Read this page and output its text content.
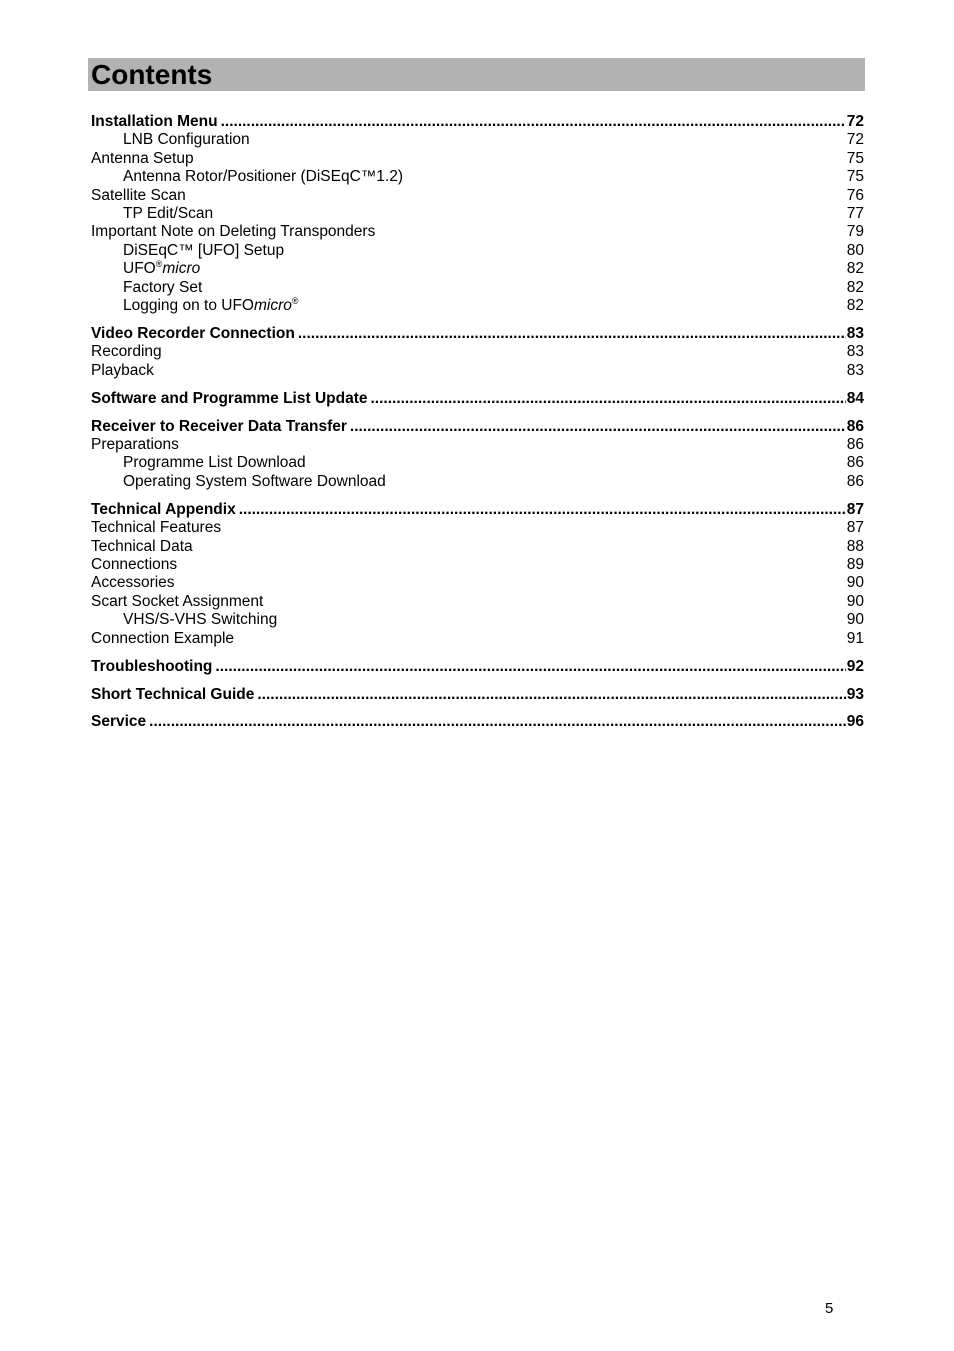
Contents
Installation Menu .....	72
LNB Configuration	72
Antenna Setup	75
Antenna Rotor/Positioner (DiSEqC™1.2)	75
Satellite Scan	76
TP Edit/Scan	77
Important Note on Deleting Transponders	79
DiSEqC™ [UFO] Setup	80
UFO®micro	82
Factory Set	82
Logging on to UFOmicro®	82
Video Recorder Connection .....	83
Recording	83
Playback	83
Software and Programme List Update .....	84
Receiver to Receiver Data Transfer .....	86
Preparations	86
Programme List Download	86
Operating System Software Download	86
Technical Appendix .....	87
Technical Features	87
Technical Data	88
Connections	89
Accessories	90
Scart Socket Assignment	90
VHS/S-VHS Switching	90
Connection Example	91
Troubleshooting .....	92
Short Technical Guide .....	93
Service .....	96
5
